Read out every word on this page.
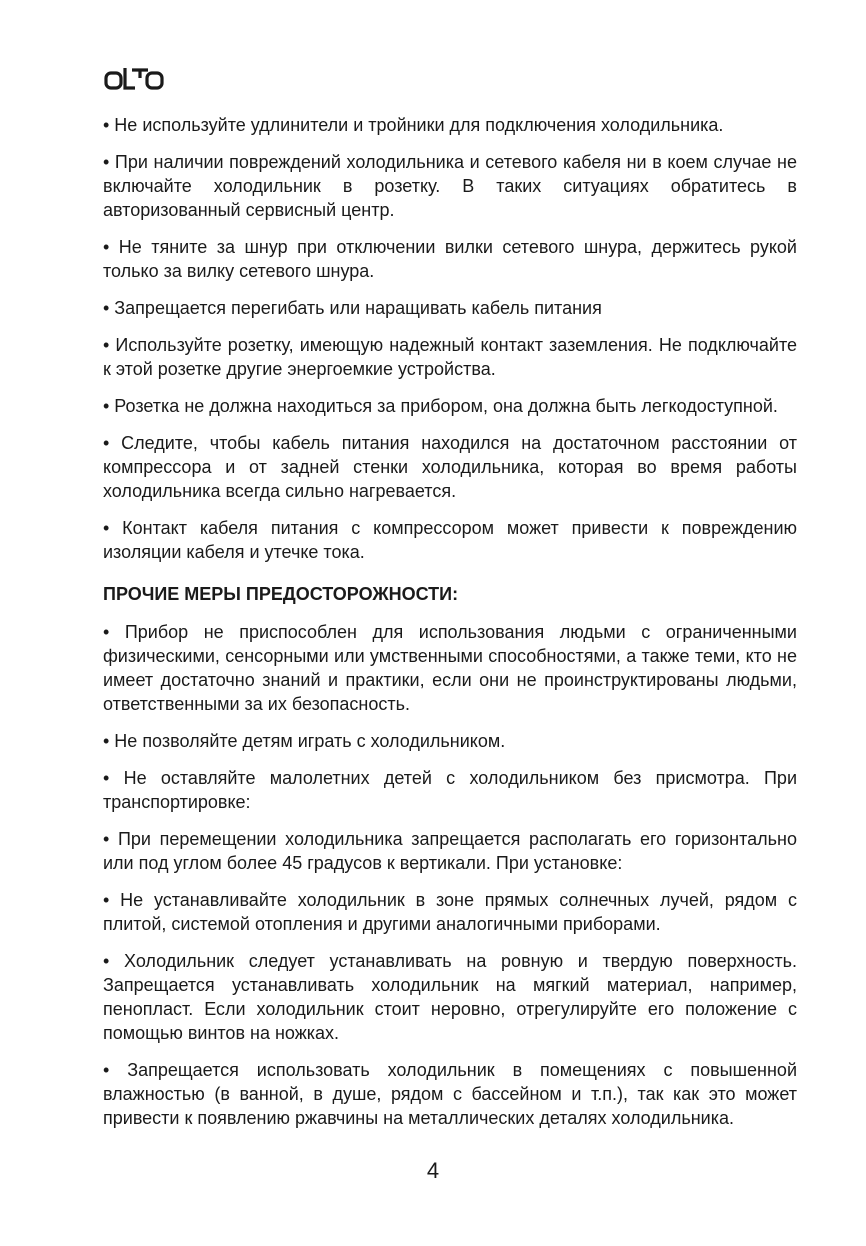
• Не используйте удлинители и тройники для подключения холодильника.

• При наличии повреждений холодильника и сетевого кабеля ни в коем случае не включайте холодильник в розетку. В таких ситуациях обратитесь в авторизованный сервисный центр.

• Не тяните за шнур при отключении вилки сетевого шнура, держитесь рукой только за вилку сетевого шнура.

• Запрещается перегибать или наращивать кабель питания

• Используйте розетку, имеющую надежный контакт заземления. Не подключайте к этой розетке другие энергоемкие устройства.

• Розетка не должна находиться за прибором, она должна быть легкодоступной.

• Следите, чтобы кабель питания находился на достаточном расстоянии от компрессора и от задней стенки холодильника, которая во время работы холодильника всегда сильно нагревается.

• Контакт кабеля питания с компрессором может привести к повреждению изоляции кабеля и утечке тока.

ПРОЧИЕ МЕРЫ ПРЕДОСТОРОЖНОСТИ:

• Прибор не приспособлен для использования людьми с ограниченными физическими, сенсорными или умственными способностями, а также теми, кто не имеет достаточно знаний и практики, если они не проинструктированы людьми, ответственными за их безопасность.

• Не позволяйте детям играть с холодильником.

• Не оставляйте малолетних детей с холодильником без присмотра. При транспортировке:

• При перемещении холодильника запрещается располагать его горизонтально или под углом более 45 градусов к вертикали. При установке:

• Не устанавливайте холодильник в зоне прямых солнечных лучей, рядом с плитой, системой отопления и другими аналогичными приборами.

• Холодильник следует устанавливать на ровную и твердую поверхность. Запрещается устанавливать холодильник на мягкий материал, например, пенопласт. Если холодильник стоит неровно, отрегулируйте его положение с помощью винтов на ножках.

• Запрещается использовать холодильник в помещениях с повышенной влажностью (в ванной, в душе, рядом с бассейном и т.п.), так как это может привести к появлению ржавчины на металлических деталях холодильника.

4
